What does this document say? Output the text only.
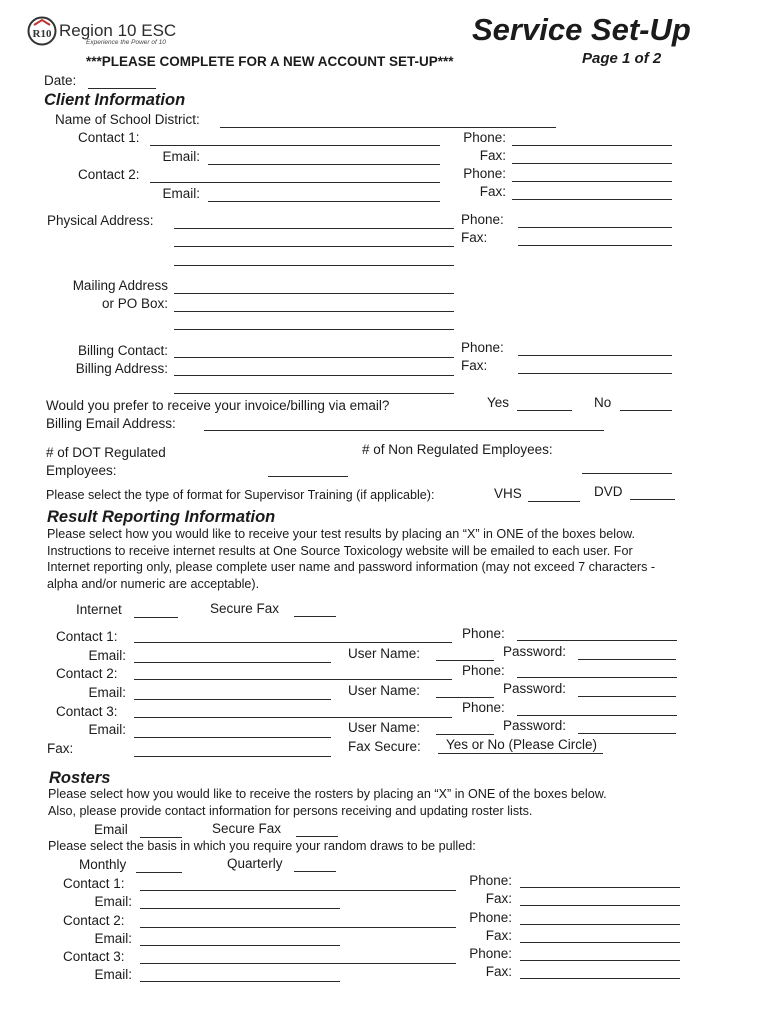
R10 Region 10 ESC
Experience the Power of 10	Service Set-Up
Page 1 of 2
***PLEASE COMPLETE FOR A NEW ACCOUNT SET-UP***
Date:
Client Information
Name of School District:
Contact 1:	Phone:
Email:	Fax:
Contact 2:	Phone:
Email:	Fax:
Physical Address:	Phone:
Fax:
Mailing Address
or PO Box:
Billing Contact:
Billing Address:
Phone:
Fax:
Would you prefer to receive your invoice/billing via email?	Yes	No
Billing Email Address:
# of DOT Regulated
Employees:
# of Non Regulated Employees:
Please select the type of format for Supervisor Training (if applicable):	VHS	DVD
Result Reporting Information
Please select how you would like to receive your test results by placing an “X” in ONE of the boxes below. Instructions to receive internet results at One Source Toxicology website will be emailed to each user. For Internet reporting only, please complete user name and password information (may not exceed 7 characters - alpha and/or numeric are acceptable).
Internet	Secure Fax
Contact 1:	Phone:
Email:	User Name:	Password:
Contact 2:	Phone:
Email:	User Name:	Password:
Contact 3:	Phone:
Email:	User Name:	Password:
Fax:	Fax Secure:	Yes or No (Please Circle)
Rosters
Please select how you would like to receive the rosters by placing an “X” in ONE of the boxes below.
Also, please provide contact information for persons receiving and updating roster lists.
Email	Secure Fax
Please select the basis in which you require your random draws to be pulled:
Monthly	Quarterly
Contact 1:	Phone:
Email:	Fax:
Contact 2:	Phone:
Email:	Fax:
Contact 3:	Phone:
Email:	Fax:
